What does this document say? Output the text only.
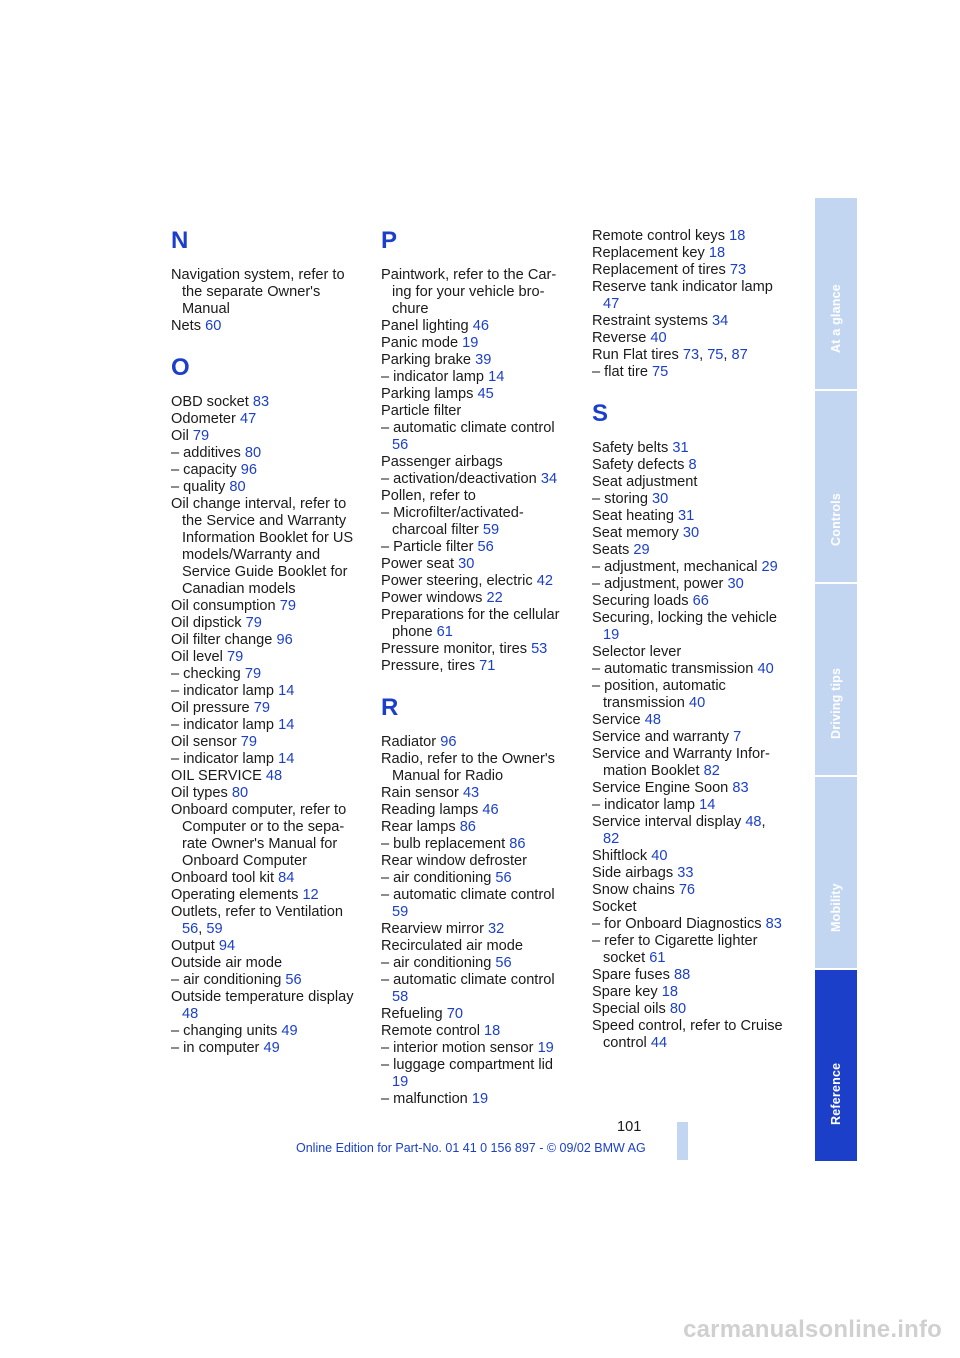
N
Navigation system, refer to the separate Owner's Manual
Nets 60
O
OBD socket 83
Odometer 47
Oil 79
– additives 80
– capacity 96
– quality 80
Oil change interval, refer to the Service and Warranty Information Booklet for US models/Warranty and Service Guide Booklet for Canadian models
Oil consumption 79
Oil dipstick 79
Oil filter change 96
Oil level 79
– checking 79
– indicator lamp 14
Oil pressure 79
– indicator lamp 14
Oil sensor 79
– indicator lamp 14
OIL SERVICE 48
Oil types 80
Onboard computer, refer to Computer or to the sepa-rate Owner's Manual for Onboard Computer
Onboard tool kit 84
Operating elements 12
Outlets, refer to Ventilation 56, 59
Output 94
Outside air mode
– air conditioning 56
Outside temperature display 48
– changing units 49
– in computer 49
P
Paintwork, refer to the Car-ing for your vehicle bro-chure
Panel lighting 46
Panic mode 19
Parking brake 39
– indicator lamp 14
Parking lamps 45
Particle filter
– automatic climate control 56
Passenger airbags
– activation/deactivation 34
Pollen, refer to
– Microfilter/activated-charcoal filter 59
– Particle filter 56
Power seat 30
Power steering, electric 42
Power windows 22
Preparations for the cellular phone 61
Pressure monitor, tires 53
Pressure, tires 71
R
Radiator 96
Radio, refer to the Owner's Manual for Radio
Rain sensor 43
Reading lamps 46
Rear lamps 86
– bulb replacement 86
Rear window defroster
– air conditioning 56
– automatic climate control 59
Rearview mirror 32
Recirculated air mode
– air conditioning 56
– automatic climate control 58
Refueling 70
Remote control 18
– interior motion sensor 19
– luggage compartment lid 19
– malfunction 19
Remote control keys 18
Replacement key 18
Replacement of tires 73
Reserve tank indicator lamp 47
Restraint systems 34
Reverse 40
Run Flat tires 73, 75, 87
– flat tire 75
S
Safety belts 31
Safety defects 8
Seat adjustment
– storing 30
Seat heating 31
Seat memory 30
Seats 29
– adjustment, mechanical 29
– adjustment, power 30
Securing loads 66
Securing, locking the vehicle 19
Selector lever
– automatic transmission 40
– position, automatic transmission 40
Service 48
Service and warranty 7
Service and Warranty Infor-mation Booklet 82
Service Engine Soon 83
– indicator lamp 14
Service interval display 48, 82
Shiftlock 40
Side airbags 33
Snow chains 76
Socket
– for Onboard Diagnostics 83
– refer to Cigarette lighter socket 61
Spare fuses 88
Spare key 18
Special oils 80
Speed control, refer to Cruise control 44
At a glance
Controls
Driving tips
Mobility
Reference
101
Online Edition for Part-No. 01 41 0 156 897 - © 09/02 BMW AG
carmanualsonline.info
